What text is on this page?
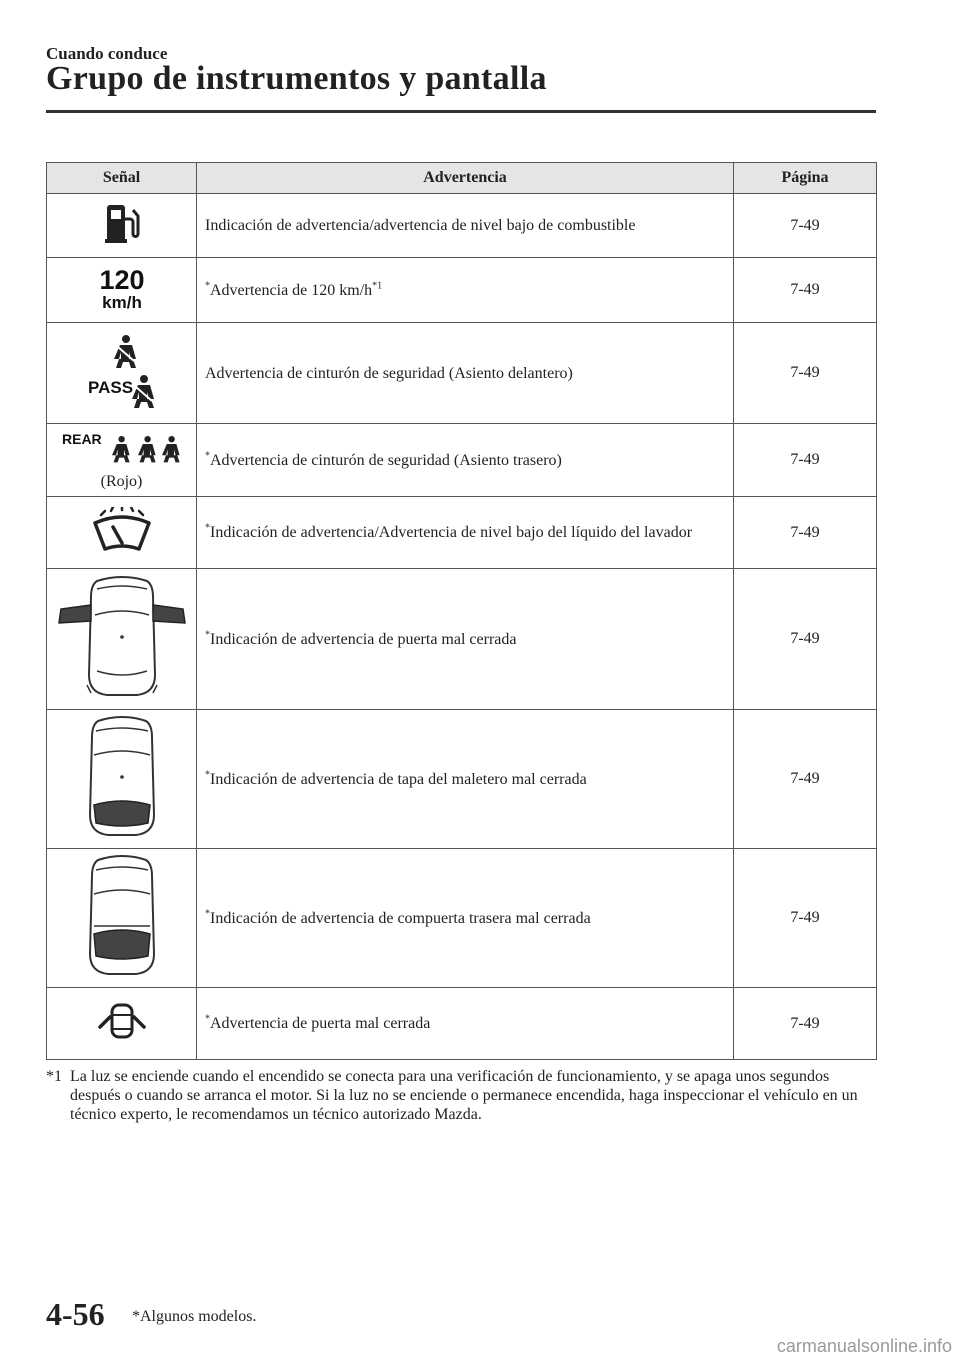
Cuando conduce
Grupo de instrumentos y pantalla
Señal	Advertencia	Página
	Indicación de advertencia/advertencia de nivel bajo de combustible	7-49

120
km/h	*Advertencia de 120 $km/h^{*1}$	7-49

PASS	Advertencia de cinturón de seguridad (Asiento delantero)	7-49

REAR
(Rojo)	*Advertencia de cinturón de seguridad (Asiento trasero)	7-49
	*Indicación de advertencia/Advertencia de nivel bajo del líquido del lavador	7-49
	*Indicación de advertencia de puerta mal cerrada	7-49
	*Indicación de advertencia de tapa del maletero mal cerrada	7-49
	*Indicación de advertencia de compuerta trasera mal cerrada	7-49
	*Advertencia de puerta mal cerrada	7-49
*1 La luz se enciende cuando el encendido se conecta para una verificación de funcionamiento, y se apaga unos segundos después o cuando se arranca el motor. Si la luz no se enciende o permanece encendida, haga inspeccionar el vehículo en un técnico experto, le recomendamos un técnico autorizado Mazda.
4-56 *Algunos modelos.
carmanualsonline.info
